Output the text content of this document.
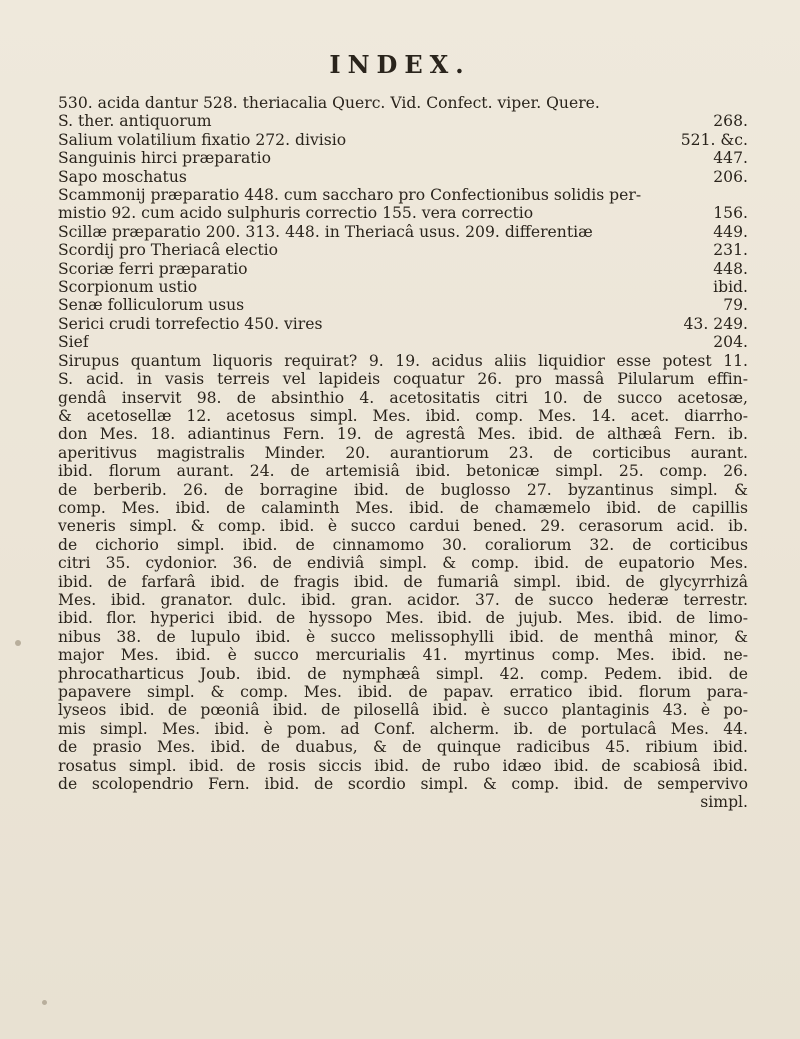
INDEX.
530. acida dantur 528. theriacalia Querc. Vid. Confect. viper. Quere.
S. ther. antiquorum	268.
Salium volatilium fixatio 272. divisio	521. &c.
Sanguinis hirci præparatio	447.
Sapo moschatus	206.
Scammonij præparatio 448. cum saccharo pro Confectionibus solidis per-
mistio 92. cum acido sulphuris correctio 155. vera correctio	156.
Scillæ præparatio 200. 313. 448. in Theriacâ usus. 209. differentiæ	449.
Scordij pro Theriacâ electio	231.
Scoriæ ferri præparatio	448.
Scorpionum ustio	ibid.
Senæ folliculorum usus	79.
Serici crudi torrefectio 450. vires	43. 249.
Sief	204.
Sirupus quantum liquoris requirat? 9. 19. acidus aliis liquidior esse potest 11.
S. acid. in vasis terreis vel lapideis coquatur 26. pro massâ Pilularum effin-
gendâ inservit 98. de absinthio 4. acetositatis citri 10. de succo acetosæ,
& acetosellæ 12. acetosus simpl. Mes. ibid. comp. Mes. 14. acet. diarrho-
don Mes. 18. adiantinus Fern. 19. de agrestâ Mes. ibid. de althæâ Fern. ib.
aperitivus magistralis Minder. 20. aurantiorum 23. de corticibus aurant.
ibid. florum aurant. 24. de artemisiâ ibid. betonicæ simpl. 25. comp. 26.
de berberib. 26. de borragine ibid. de buglosso 27. byzantinus simpl. &
comp. Mes. ibid. de calaminth Mes. ibid. de chamæmelo ibid. de capillis
veneris simpl. & comp. ibid. è succo cardui bened. 29. cerasorum acid. ib.
de cichorio simpl. ibid. de cinnamomo 30. coraliorum 32. de corticibus
citri 35. cydonior. 36. de endiviâ simpl. & comp. ibid. de eupatorio Mes.
ibid. de farfarâ ibid. de fragis ibid. de fumariâ simpl. ibid. de glycyrrhizâ
Mes. ibid. granator. dulc. ibid. gran. acidor. 37. de succo hederæ terrestr.
ibid. flor. hyperici ibid. de hyssopo Mes. ibid. de jujub. Mes. ibid. de limo-
nibus 38. de lupulo ibid. è succo melissophylli ibid. de menthâ minor, &
major Mes. ibid. è succo mercurialis 41. myrtinus comp. Mes. ibid. ne-
phrocatharticus Joub. ibid. de nymphæâ simpl. 42. comp. Pedem. ibid. de
papavere simpl. & comp. Mes. ibid. de papav. erratico ibid. florum para-
lyseos ibid. de pœoniâ ibid. de pilosellâ ibid. è succo plantaginis 43. è po-
mis simpl. Mes. ibid. è pom. ad Conf. alcherm. ib. de portulacâ Mes. 44.
de prasio Mes. ibid. de duabus, & de quinque radicibus 45. ribium ibid.
rosatus simpl. ibid. de rosis siccis ibid. de rubo idæo ibid. de scabiosâ ibid.
de scolopendrio Fern. ibid. de scordio simpl. & comp. ibid. de sempervivo
simpl.
